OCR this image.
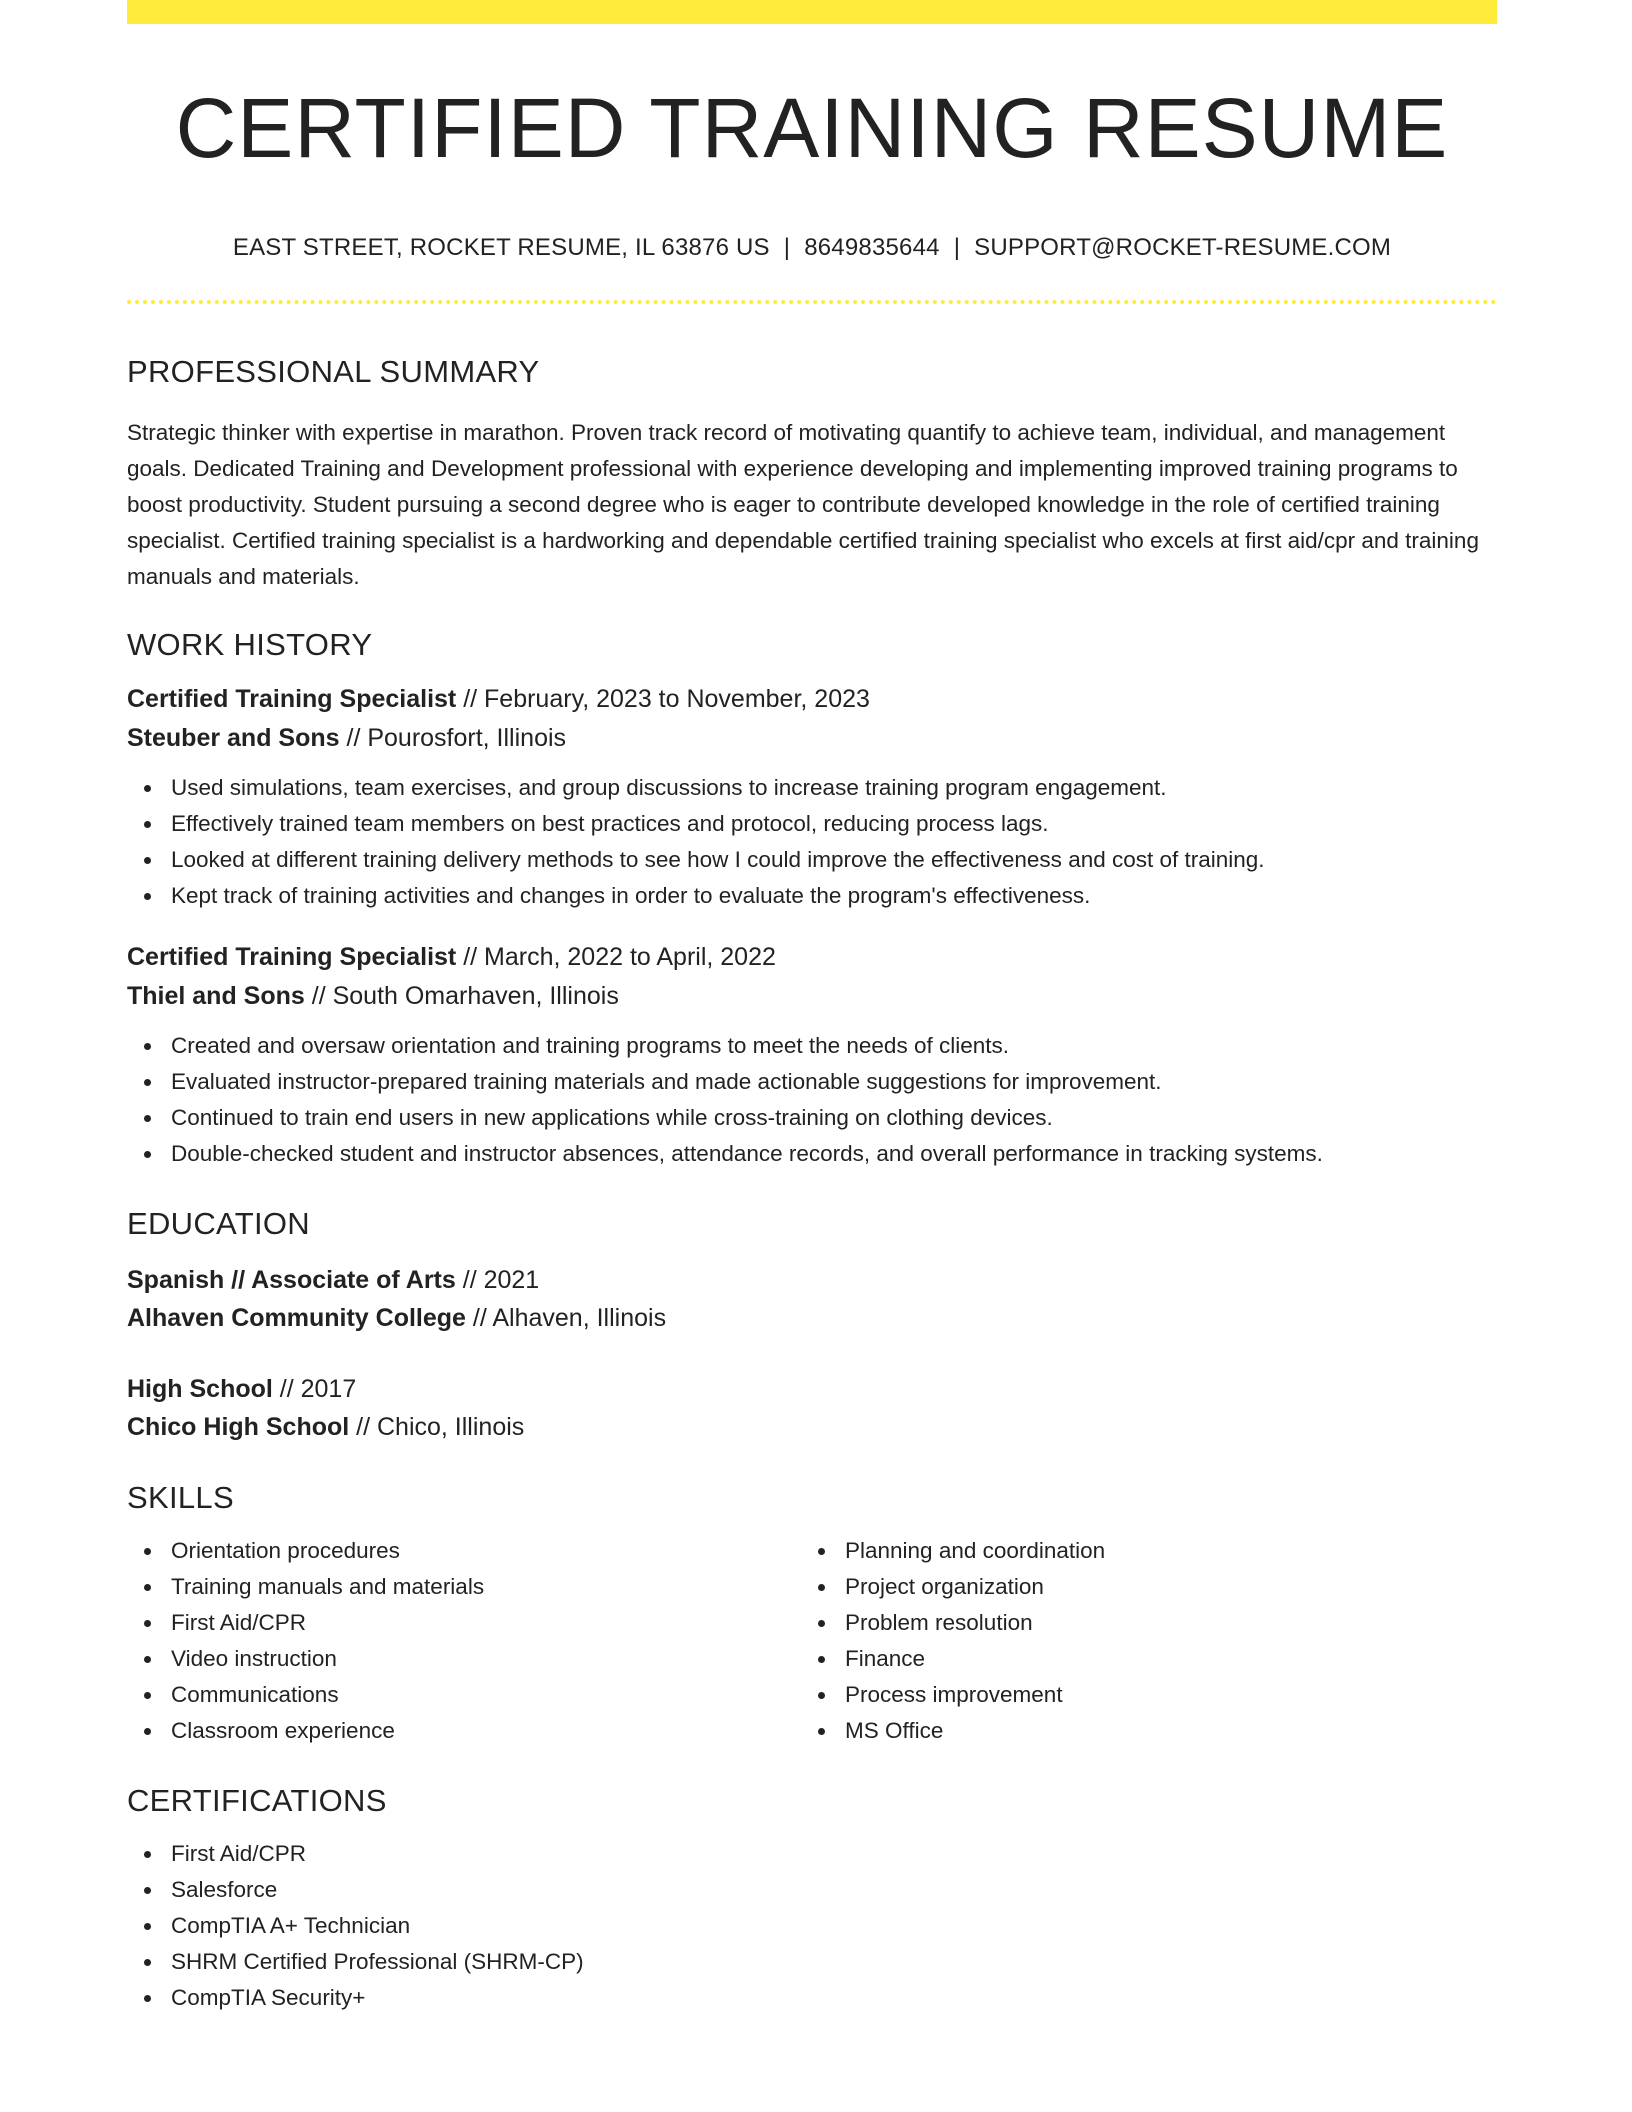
CERTIFIED TRAINING RESUME
EAST STREET, ROCKET RESUME, IL 63876 US | 8649835644 | SUPPORT@ROCKET-RESUME.COM
PROFESSIONAL SUMMARY

Strategic thinker with expertise in marathon. Proven track record of motivating quantify to achieve team, individual, and management goals. Dedicated Training and Development professional with experience developing and implementing improved training programs to boost productivity. Student pursuing a second degree who is eager to contribute developed knowledge in the role of certified training specialist. Certified training specialist is a hardworking and dependable certified training specialist who excels at first aid/cpr and training manuals and materials.

WORK HISTORY
Certified Training Specialist // February, 2023 to November, 2023
Steuber and Sons // Pourosfort, Illinois
Used simulations, team exercises, and group discussions to increase training program engagement.
Effectively trained team members on best practices and protocol, reducing process lags.
Looked at different training delivery methods to see how I could improve the effectiveness and cost of training.
Kept track of training activities and changes in order to evaluate the program's effectiveness.
Certified Training Specialist // March, 2022 to April, 2022
Thiel and Sons // South Omarhaven, Illinois
Created and oversaw orientation and training programs to meet the needs of clients.
Evaluated instructor-prepared training materials and made actionable suggestions for improvement.
Continued to train end users in new applications while cross-training on clothing devices.
Double-checked student and instructor absences, attendance records, and overall performance in tracking systems.
EDUCATION
Spanish // Associate of Arts // 2021
Alhaven Community College // Alhaven, Illinois
High School // 2017
Chico High School // Chico, Illinois
SKILLS
Orientation procedures
Training manuals and materials
First Aid/CPR
Video instruction
Communications
Classroom experience
Planning and coordination
Project organization
Problem resolution
Finance
Process improvement
MS Office
CERTIFICATIONS
First Aid/CPR
Salesforce
CompTIA A+ Technician
SHRM Certified Professional (SHRM-CP)
CompTIA Security+
